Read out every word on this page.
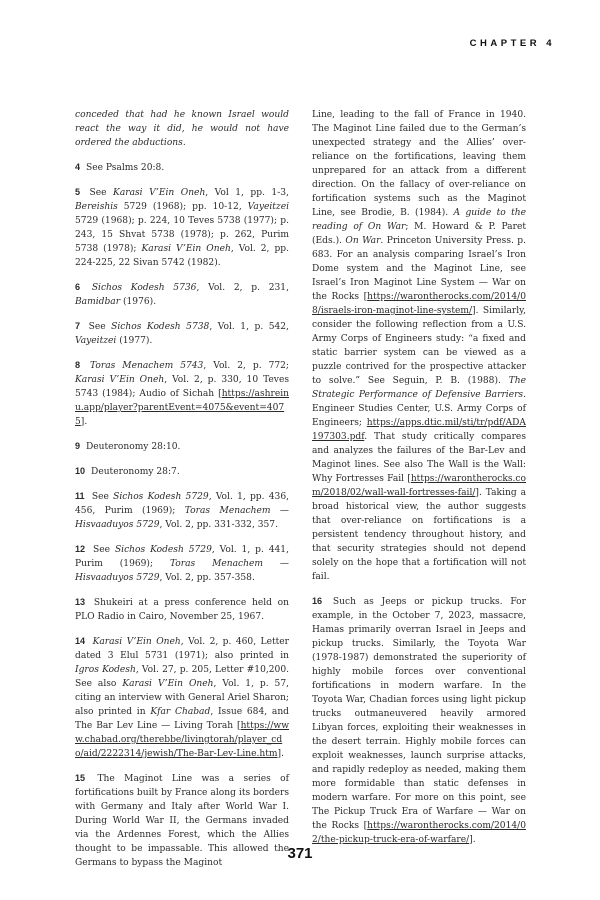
CHAPTER 4

conceded that had he known Israel would react the way it did, he would not have ordered the abductions.

4 See Psalms 20:8.

5 See Karasi V’Ein Oneh, Vol 1, pp. 1-3, Bereishis 5729 (1968); pp. 10-12, Vayeitzei 5729 (1968); p. 224, 10 Teves 5738 (1977); p. 243, 15 Shvat 5738 (1978); p. 262, Purim 5738 (1978); Karasi V’Ein Oneh, Vol. 2, pp. 224-225, 22 Sivan 5742 (1982).

6 Sichos Kodesh 5736, Vol. 2, p. 231, Bamidbar (1976).

7 See Sichos Kodesh 5738, Vol. 1, p. 542, Vayeitzei (1977).

8 Toras Menachem 5743, Vol. 2, p. 772; Karasi V’Ein Oneh, Vol. 2, p. 330, 10 Teves 5743 (1984); Audio of Sichah [https://ashreinu.app/player?parentEvent=4075&event=4075].

9 Deuteronomy 28:10.

10 Deuteronomy 28:7.

11 See Sichos Kodesh 5729, Vol. 1, pp. 436, 456, Purim (1969); Toras Menachem — Hisvaaduyos 5729, Vol. 2, pp. 331-332, 357.

12 See Sichos Kodesh 5729, Vol. 1, p. 441, Purim (1969); Toras Menachem — Hisvaaduyos 5729, Vol. 2, pp. 357-358.

13 Shukeiri at a press conference held on PLO Radio in Cairo, November 25, 1967.

14 Karasi V’Ein Oneh, Vol. 2, p. 460, Letter dated 3 Elul 5731 (1971); also printed in Igros Kodesh, Vol. 27, p. 205, Letter #10,200. See also Karasi V’Ein Oneh, Vol. 1, p. 57, citing an interview with General Ariel Sharon; also printed in Kfar Chabad, Issue 684, and The Bar Lev Line — Living Torah [https://www.chabad.org/therebbe/livingtorah/player_cdo/aid/2222314/jewish/The-Bar-Lev-Line.htm].

15 The Maginot Line was a series of fortifications built by France along its borders with Germany and Italy after World War I. During World War II, the Germans invaded via the Ardennes Forest, which the Allies thought to be impassable. This allowed the Germans to bypass the Maginot

Line, leading to the fall of France in 1940. The Maginot Line failed due to the German’s unexpected strategy and the Allies’ over-reliance on the fortifications, leaving them unprepared for an attack from a different direction. On the fallacy of over-reliance on fortification systems such as the Maginot Line, see Brodie, B. (1984). A guide to the reading of On War; M. Howard & P. Paret (Eds.). On War. Princeton University Press. p. 683. For an analysis comparing Israel’s Iron Dome system and the Maginot Line, see Israel’s Iron Maginot Line System — War on the Rocks [https://warontherocks.com/2014/08/israels-iron-maginot-line-system/]. Similarly, consider the following reflection from a U.S. Army Corps of Engineers study: “a fixed and static barrier system can be viewed as a puzzle contrived for the prospective attacker to solve.” See Seguin, P. B. (1988). The Strategic Performance of Defensive Barriers. Engineer Studies Center, U.S. Army Corps of Engineers; https://apps.dtic.mil/sti/tr/pdf/ADA197303.pdf. That study critically compares and analyzes the failures of the Bar-Lev and Maginot lines. See also The Wall is the Wall: Why Fortresses Fail [https://warontherocks.com/2018/02/wall-wall-fortresses-fail/]. Taking a broad historical view, the author suggests that over-reliance on fortifications is a persistent tendency throughout history, and that security strategies should not depend solely on the hope that a fortification will not fail.

16 Such as Jeeps or pickup trucks. For example, in the October 7, 2023, massacre, Hamas primarily overran Israel in Jeeps and pickup trucks. Similarly, the Toyota War (1978-1987) demonstrated the superiority of highly mobile forces over conventional fortifications in modern warfare. In the Toyota War, Chadian forces using light pickup trucks outmaneuvered heavily armored Libyan forces, exploiting their weaknesses in the desert terrain. Highly mobile forces can exploit weaknesses, launch surprise attacks, and rapidly redeploy as needed, making them more formidable than static defenses in modern warfare. For more on this point, see The Pickup Truck Era of Warfare — War on the Rocks [https://warontherocks.com/2014/02/the-pickup-truck-era-of-warfare/].

371
